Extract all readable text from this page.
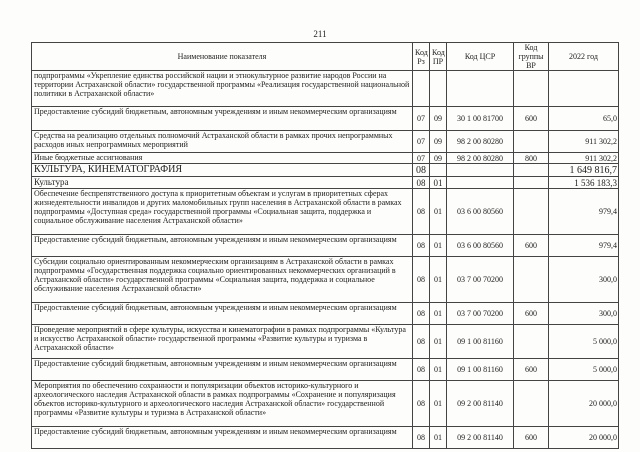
211
Наименование показателя	Код Рз	Код ПР	Код ЦСР	Код группы ВР	2022 год
подпрограммы «Укрепление единства российской нации и этнокультурное развитие народов России на территории Астраханской области» государственной программы «Реализация государственной национальной политики в Астраханской области»					
Предоставление субсидий бюджетным, автономным учреждениям и иным некоммерческим организациям	07	09	30 1 00 81700	600	65,0
Средства на реализацию отдельных полномочий Астраханской области в рамках прочих непрограммных расходов иных непрограммных мероприятий	07	09	98 2 00 80280		911 302,2
Иные бюджетные ассигнования	07	09	98 2 00 80280	800	911 302,2
КУЛЬТУРА, КИНЕМАТОГРАФИЯ	08				1 649 816,7
Культура	08	01			1 536 183,3
Обеспечение беспрепятственного доступа к приоритетным объектам и услугам в приоритетных сферах жизнедеятельности инвалидов и других маломобильных групп населения в Астраханской области в рамках подпрограммы «Доступная среда» государственной программы «Социальная защита, поддержка и социальное обслуживание населения Астраханской области»	08	01	03 6 00 80560		979,4
Предоставление субсидий бюджетным, автономным учреждениям и иным некоммерческим организациям	08	01	03 6 00 80560	600	979,4
Субсидии социально ориентированным некоммерческим организациям в Астраханской области в рамках подпрограммы «Государственная поддержка социально ориентированных некоммерческих организаций в Астраханской области» государственной программы «Социальная защита, поддержка и социальное обслуживание населения Астраханской области»	08	01	03 7 00 70200		300,0
Предоставление субсидий бюджетным, автономным учреждениям и иным некоммерческим организациям	08	01	03 7 00 70200	600	300,0
Проведение мероприятий в сфере культуры, искусства и кинематографии в рамках подпрограммы «Культура и искусство Астраханской области» государственной программы «Развитие культуры и туризма в Астраханской области»	08	01	09 1 00 81160		5 000,0
Предоставление субсидий бюджетным, автономным учреждениям и иным некоммерческим организациям	08	01	09 1 00 81160	600	5 000,0
Мероприятия по обеспечению сохранности и популяризации объектов историко-культурного и археологического наследия Астраханской области в рамках подпрограммы «Сохранение и популяризация объектов историко-культурного и археологического наследия Астраханской области» государственной программы «Развитие культуры и туризма в Астраханской области»	08	01	09 2 00 81140		20 000,0
Предоставление субсидий бюджетным, автономным учреждениям и иным некоммерческим организациям	08	01	09 2 00 81140	600	20 000,0
